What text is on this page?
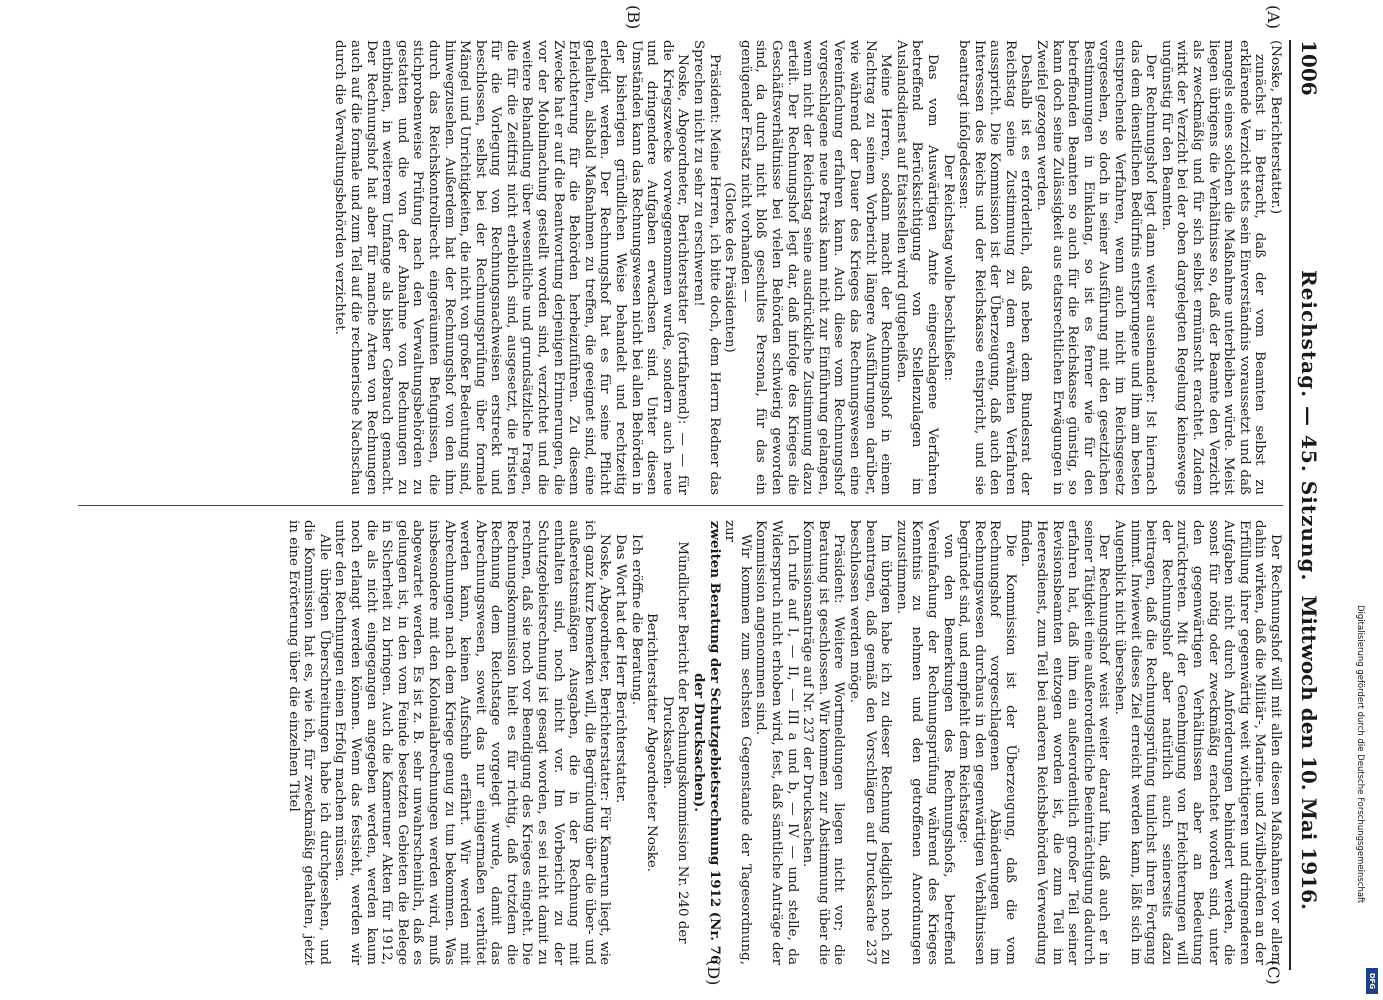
1006
Reichstag. — 45. Sitzung.
Mittwoch den 10. Mai 1916.
(A)
(B)
(C)
(D)

(Noske, Berichterstatter.)

zunächst in Betracht, daß der vom Beamten selbst zu erklärende Verzicht stets sein Einverständnis voraussetzt und daß mangels eines solchen die Maßnahme unterbleiben würde. Meist liegen übrigens die Verhältnisse so, daß der Beamte den Verzicht als zweckmäßig und für sich selbst ermünscht erachtet. Zudem wirkt der Verzicht bei der oben dargelegten Regelung keineswegs ungünstig für den Beamten.

Der Rechnungshof legt dann weiter auseinander: Ist hiernach das dem dienstlichen Bedürfnis entsprungene und ihm am besten entsprechende Verfahren, wenn auch nicht im Reichsgesetz vorgesehen, so doch in seiner Ausführung mit den gesetzlichen Bestimmungen in Einklang, so ist es ferner wie für den betreffenden Beamten so auch für die Reichskasse günstig, so kann doch seine Zulässigkeit aus etatsrechtlichen Erwägungen in Zweifel gezogen werden.

Deshalb ist es erforderlich, daß neben dem Bundesrat der Reichstag seine Zustimmung zu dem erwähnten Verfahren ausspricht. Die Kommission ist der Überzeugung, daß auch den Interessen des Reichs und der Reichskasse entspricht, und sie beantragt infolgedessen:

Der Reichstag wolle beschließen:

Das vom Auswärtigen Amte eingeschlagene Verfahren betreffend Berücksichtigung von Stellenzulagen im Auslandsdienst auf Etatsstellen wird gutgeheißen.

Meine Herren, sodann macht der Rechnungshof in einem Nachtrag zu seinem Vorbericht längere Ausführungen darüber, wie während der Dauer des Krieges das Rechnungswesen eine Vereinfachung erfahren kann. Auch diese vom Rechnungshof vorgeschlagene neue Praxis kann nicht zur Einführung gelangen, wenn nicht der Reichstag seine ausdrückliche Zustimmung dazu erteilt. Der Rechnungshof legt dar, daß infolge des Krieges die Geschäftsverhältnisse bei vielen Behörden schwierig geworden sind, da durch nicht bloß geschultes Personal, für das ein genügender Ersatz nicht vorhanden —

(Glocke des Präsidenten)

Präsident: Meine Herren, ich bitte doch, dem Herrn Redner das Sprechen nicht zu sehr zu erschweren!

Noske, Abgeordneter, Berichterstatter (fortfahrend): — — für die Kriegszwecke vorweggenommen wurde, sondern auch neue und dringendere Aufgaben erwachsen sind. Unter diesen Umständen kann das Rechnungswesen nicht bei allen Behörden in der bisherigen gründlichen Weise behandelt und rechtzeitig erledigt werden. Der Rechnungshof hat es für seine Pflicht gehalten, alsbald Maßnahmen zu treffen, die geeignet sind, eine Erleichterung für die Behörden herbeizuführen. Zu diesem Zwecke hat er auf die Beantwortung derjenigen Erinnerungen, die vor der Mobilmachung gestellt worden sind, verzichtet und die weitere Behandlung über wesentliche und grundsätzliche Fragen, die für die Zeitfrist nicht erheblich sind, ausgesetzt, die Fristen für die Vorlegung von Rechnungsnachweisen erstreckt und beschlossen, selbst bei der Rechnungsprüfung über formale Mängel und Unrichtigkeiten, die nicht von großer Bedeutung sind, hinwegzusehen. Außerdem hat der Rechnungshof von den ihm durch das Reichskontrollrecht eingeräumten Befugnissen, die stichprobenweise Prüfung nach den Verwaltungsbehörden zu gestatten und die von der Abnahme von Rechnungen zu entbinden, in weiterem Umfange als bisher Gebrauch gemacht. Der Rechnungshof hat aber für manche Arten von Rechnungen auch auf die formale und zum Teil auf die rechnerische Nachschau durch die Verwaltungsbehörden verzichtet.

Der Rechnungshof will mit allen diesen Maßnahmen vor allem dahin wirken, daß die Militär-, Marine- und Zivilbehörden an der Erfüllung ihrer gegenwärtig weit wichtigeren und dringenderen Aufgaben nicht durch Anforderungen behindert werden, die sonst für nötig oder zweckmäßig erachtet worden sind, unter den gegenwärtigen Verhältnissen aber an Bedeutung zurücktreten. Mit der Genehmigung von Erleichterungen will der Rechnungshof aber natürlich auch seinerseits dazu beitragen, daß die Rechnungsprüfung tunlichst ihren Fortgang nimmt. Inwieweit dieses Ziel erreicht werden kann, läßt sich im Augenblick nicht übersehen.

Der Rechnungshof weist weiter darauf hin, daß auch er in seiner Tätigkeit eine außerordentliche Beeinträchtigung dadurch erfahren hat, daß ihm ein außerordentlich großer Teil seiner Revisionsbeamten entzogen worden ist, die zum Teil im Heeresdienst, zum Teil bei anderen Reichsbehörden Verwendung finden.

Die Kommission ist der Überzeugung, daß die vom Rechnungshof vorgeschlagenen Abänderungen im Rechnungswesen durchaus in den gegenwärtigen Verhältnissen begründet sind, und empfiehlt dem Reichstage:

von den Bemerkungen des Rechnungshofs, betreffend Vereinfachung der Rechnungsprüfung während des Krieges Kenntnis zu nehmen und den getroffenen Anordnungen zuzustimmen.

Im übrigen habe ich zu dieser Rechnung lediglich noch zu beantragen, daß gemäß den Vorschlägen auf Drucksache 237 beschlossen werden möge.

Präsident: Weitere Wortmeldungen liegen nicht vor; die Beratung ist geschlossen. Wir kommen zur Abstimmung über die Kommissionsanträge auf Nr. 237 der Drucksachen.

Ich rufe auf I, — II, — III a und b, — IV — und stelle, da Widerspruch nicht erhoben wird, fest, daß sämtliche Anträge der Kommission angenommen sind.

Wir kommen zum sechsten Gegenstande der Tagesordnung, zur

zweiten Beratung der Schutzgebietsrechnung 1912 (Nr. 76 der Drucksachen).

Mündlicher Bericht der Rechnungskommission Nr. 240 der Drucksachen.

Berichterstatter Abgeordneter Noske.

Ich eröffne die Beratung.

Das Wort hat der Herr Berichterstatter.

Noske, Abgeordneter, Berichterstatter: Für Kamerun liegt, wie ich ganz kurz bemerken will, die Begründung über die über- und außeretatsmäßigen Ausgaben, die in der Rechnung mit enthalten sind, noch nicht vor. Im Vorbericht zu der Schutzgebietsrechnung ist gesagt worden, es sei nicht damit zu rechnen, daß sie noch vor Beendigung des Krieges eingeht. Die Rechnungskommission hielt es für richtig, daß trotzdem die Rechnung dem Reichstage vorgelegt wurde, damit das Abrechnungswesen, soweit das nur einigermaßen verhütet werden kann, keinen Aufschub erfährt. Wir werden mit Abrechnungen nach dem Kriege genug zu tun bekommen. Was insbesondere mit den Kolonialabrechnungen werden wird, muß abgewartet werden. Es ist z. B. sehr unwahrscheinlich, daß es gelungen ist, in den vom Feinde besetzten Gebieten die Belege in Sicherheit zu bringen. Auch die Kameruner Akten für 1912, die als nicht eingegangen angegeben werden, werden kaum noch erlangt werden können. Wenn das festsieht, werden wir unter den Rechnungen einen Erfolg machen müssen.

Alle übrigen Überschreitungen habe ich durchgesehen, und die Kommission hat es, wie ich, für zweckmäßig gehalten, jetzt in eine Erörterung über die einzelnen Titel	Digitalisierung gefördert durch die Deutsche Forschungsgemeinschaft
DFG
